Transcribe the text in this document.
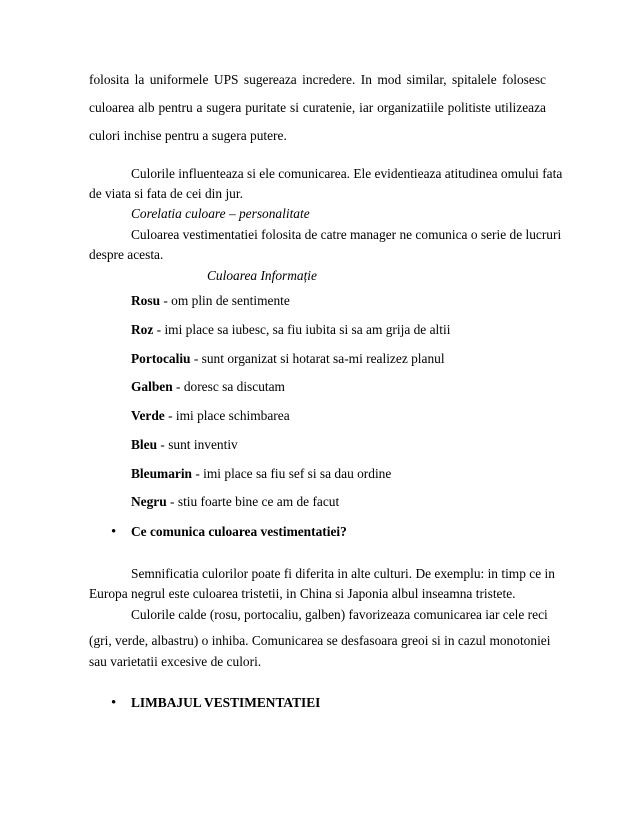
folosita la uniformele UPS sugereaza incredere. In mod similar, spitalele folosesc
culoarea alb pentru a sugera puritate si curatenie, iar organizatiile politiste utilizeaza
culori inchise pentru a sugera putere.
Culorile influenteaza si ele comunicarea. Ele evidentieaza atitudinea omului fata
de viata si fata de cei din jur.
Corelatia culoare – personalitate
Culoarea vestimentatiei folosita de catre manager ne comunica o serie de lucruri
despre acesta.
Culoarea Informație
Rosu - om plin de sentimente
Roz - imi place sa iubesc, sa fiu iubita si sa am grija de altii
Portocaliu - sunt organizat si hotarat sa-mi realizez planul
Galben - doresc sa discutam
Verde - imi place schimbarea
Bleu - sunt inventiv
Bleumarin - imi place sa fiu sef si sa dau ordine
Negru - stiu foarte bine ce am de facut
• Ce comunica culoarea vestimentatiei?
Semnificatia culorilor poate fi diferita in alte culturi. De exemplu: in timp ce in
Europa negrul este culoarea tristetii, in China si Japonia albul inseamna tristete.
Culorile calde (rosu, portocaliu, galben) favorizeaza comunicarea iar cele reci
(gri, verde, albastru) o inhiba. Comunicarea se desfasoara greoi si in cazul monotoniei
sau varietatii excesive de culori.
• LIMBAJUL VESTIMENTATIEI
